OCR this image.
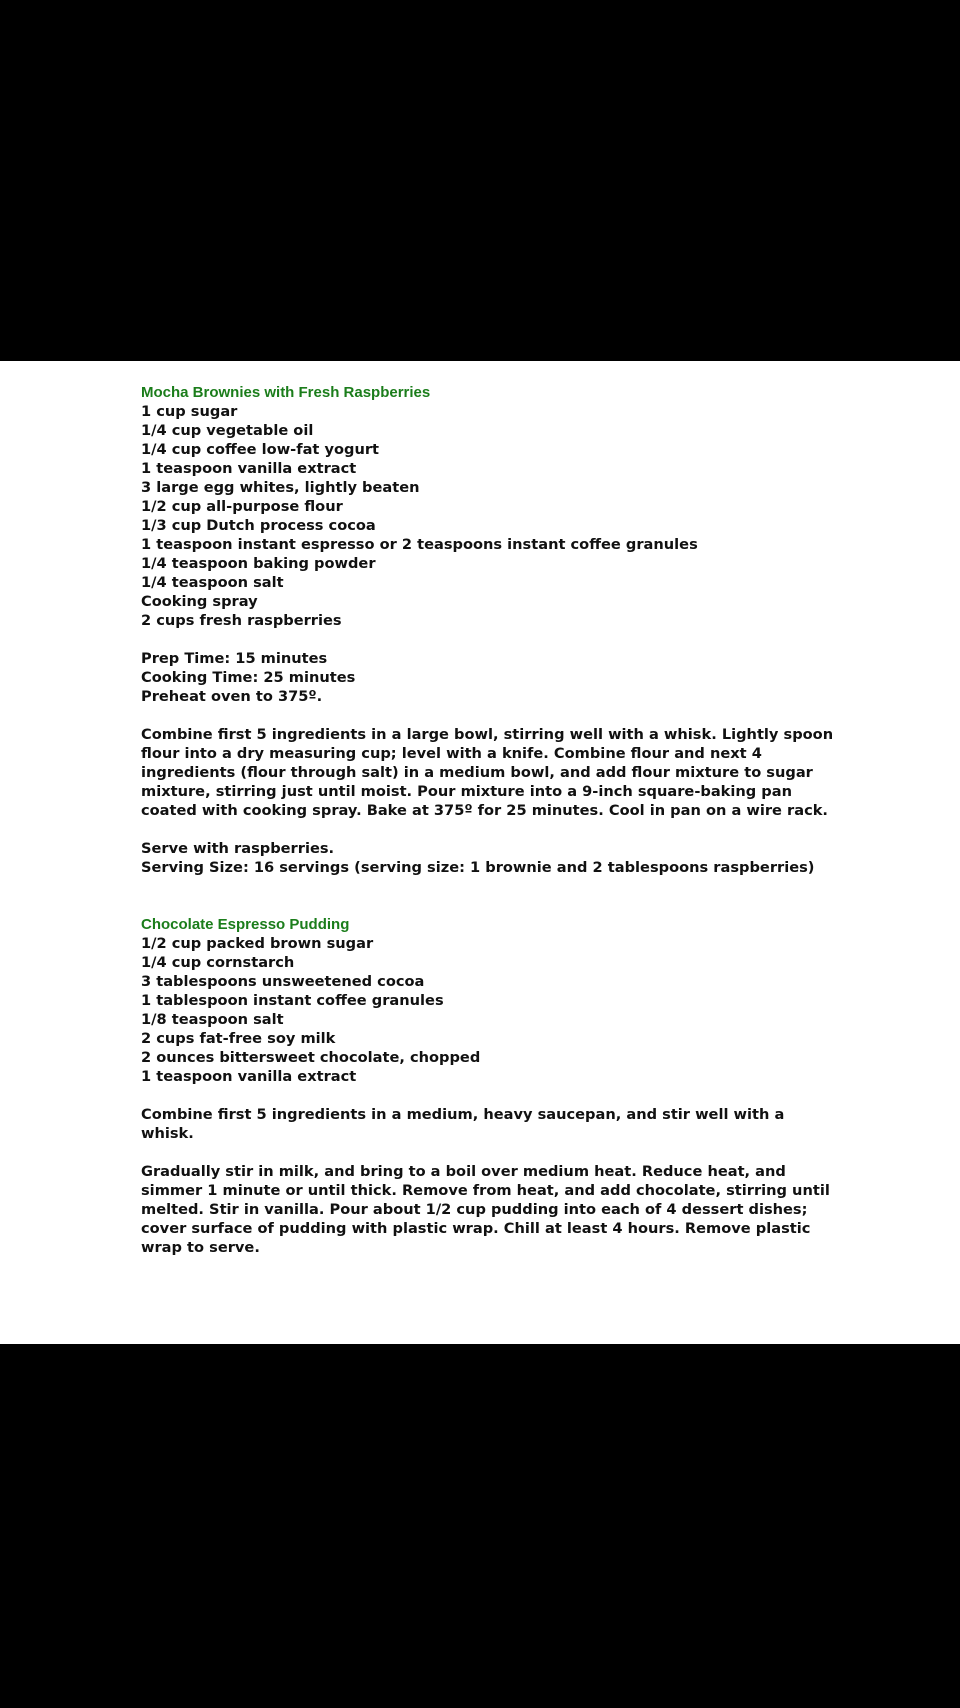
Mocha Brownies with Fresh Raspberries
1 cup sugar
1/4 cup vegetable oil
1/4 cup coffee low-fat yogurt
1 teaspoon vanilla extract
3 large egg whites, lightly beaten
1/2 cup all-purpose flour
1/3 cup Dutch process cocoa
1 teaspoon instant espresso or 2 teaspoons instant coffee granules
1/4 teaspoon baking powder
1/4 teaspoon salt
Cooking spray
2 cups fresh raspberries
Prep Time: 15 minutes
Cooking Time: 25 minutes
Preheat oven to 375º.

Combine first 5 ingredients in a large bowl, stirring well with a whisk. Lightly spoon flour into a dry measuring cup; level with a knife. Combine flour and next 4 ingredients (flour through salt) in a medium bowl, and add flour mixture to sugar mixture, stirring just until moist. Pour mixture into a 9-inch square-baking pan coated with cooking spray. Bake at 375º for 25 minutes. Cool in pan on a wire rack.

Serve with raspberries.
Serving Size: 16 servings (serving size: 1 brownie and 2 tablespoons raspberries)
Chocolate Espresso Pudding
1/2 cup packed brown sugar
1/4 cup cornstarch
3 tablespoons unsweetened cocoa
1 tablespoon instant coffee granules
1/8 teaspoon salt
2 cups fat-free soy milk
2 ounces bittersweet chocolate, chopped
1 teaspoon vanilla extract

Combine first 5 ingredients in a medium, heavy saucepan, and stir well with a whisk.

Gradually stir in milk, and bring to a boil over medium heat. Reduce heat, and simmer 1 minute or until thick. Remove from heat, and add chocolate, stirring until melted. Stir in vanilla. Pour about 1/2 cup pudding into each of 4 dessert dishes; cover surface of pudding with plastic wrap. Chill at least 4 hours. Remove plastic wrap to serve.
